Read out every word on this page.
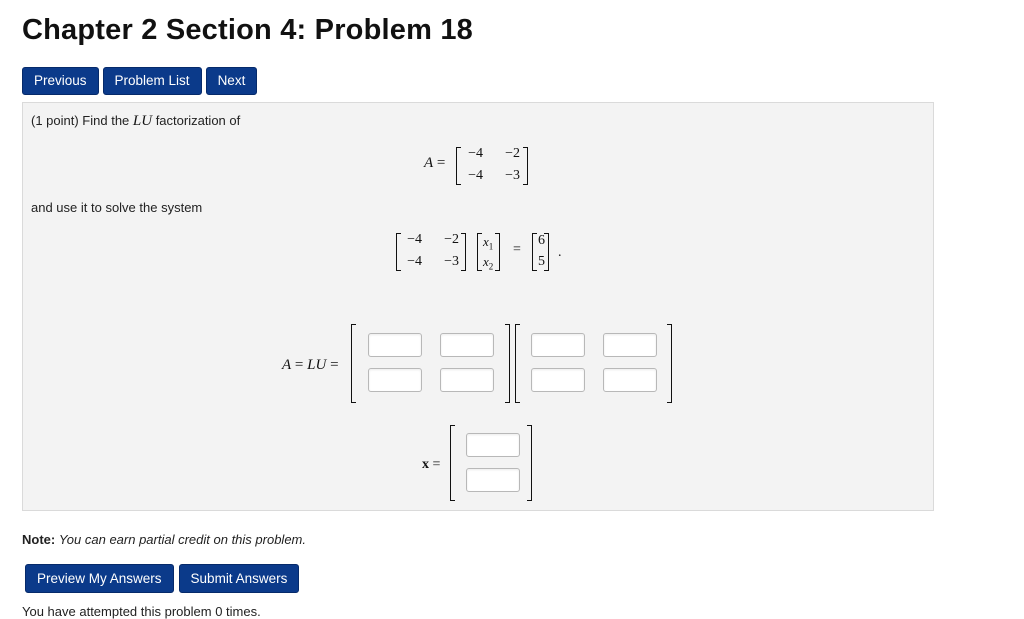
Chapter 2 Section 4: Problem 18
Previous	Problem List	Next
(1 point) Find the LU factorization of
A =
−4	−2
−4	−3
and use it to solve the system
−4	−2
−4	−3
$x_1$
$x_2$
=
6
5
.
A = LU =
x =
Note: You can earn partial credit on this problem.
Preview My Answers	Submit Answers
You have attempted this problem 0 times.
